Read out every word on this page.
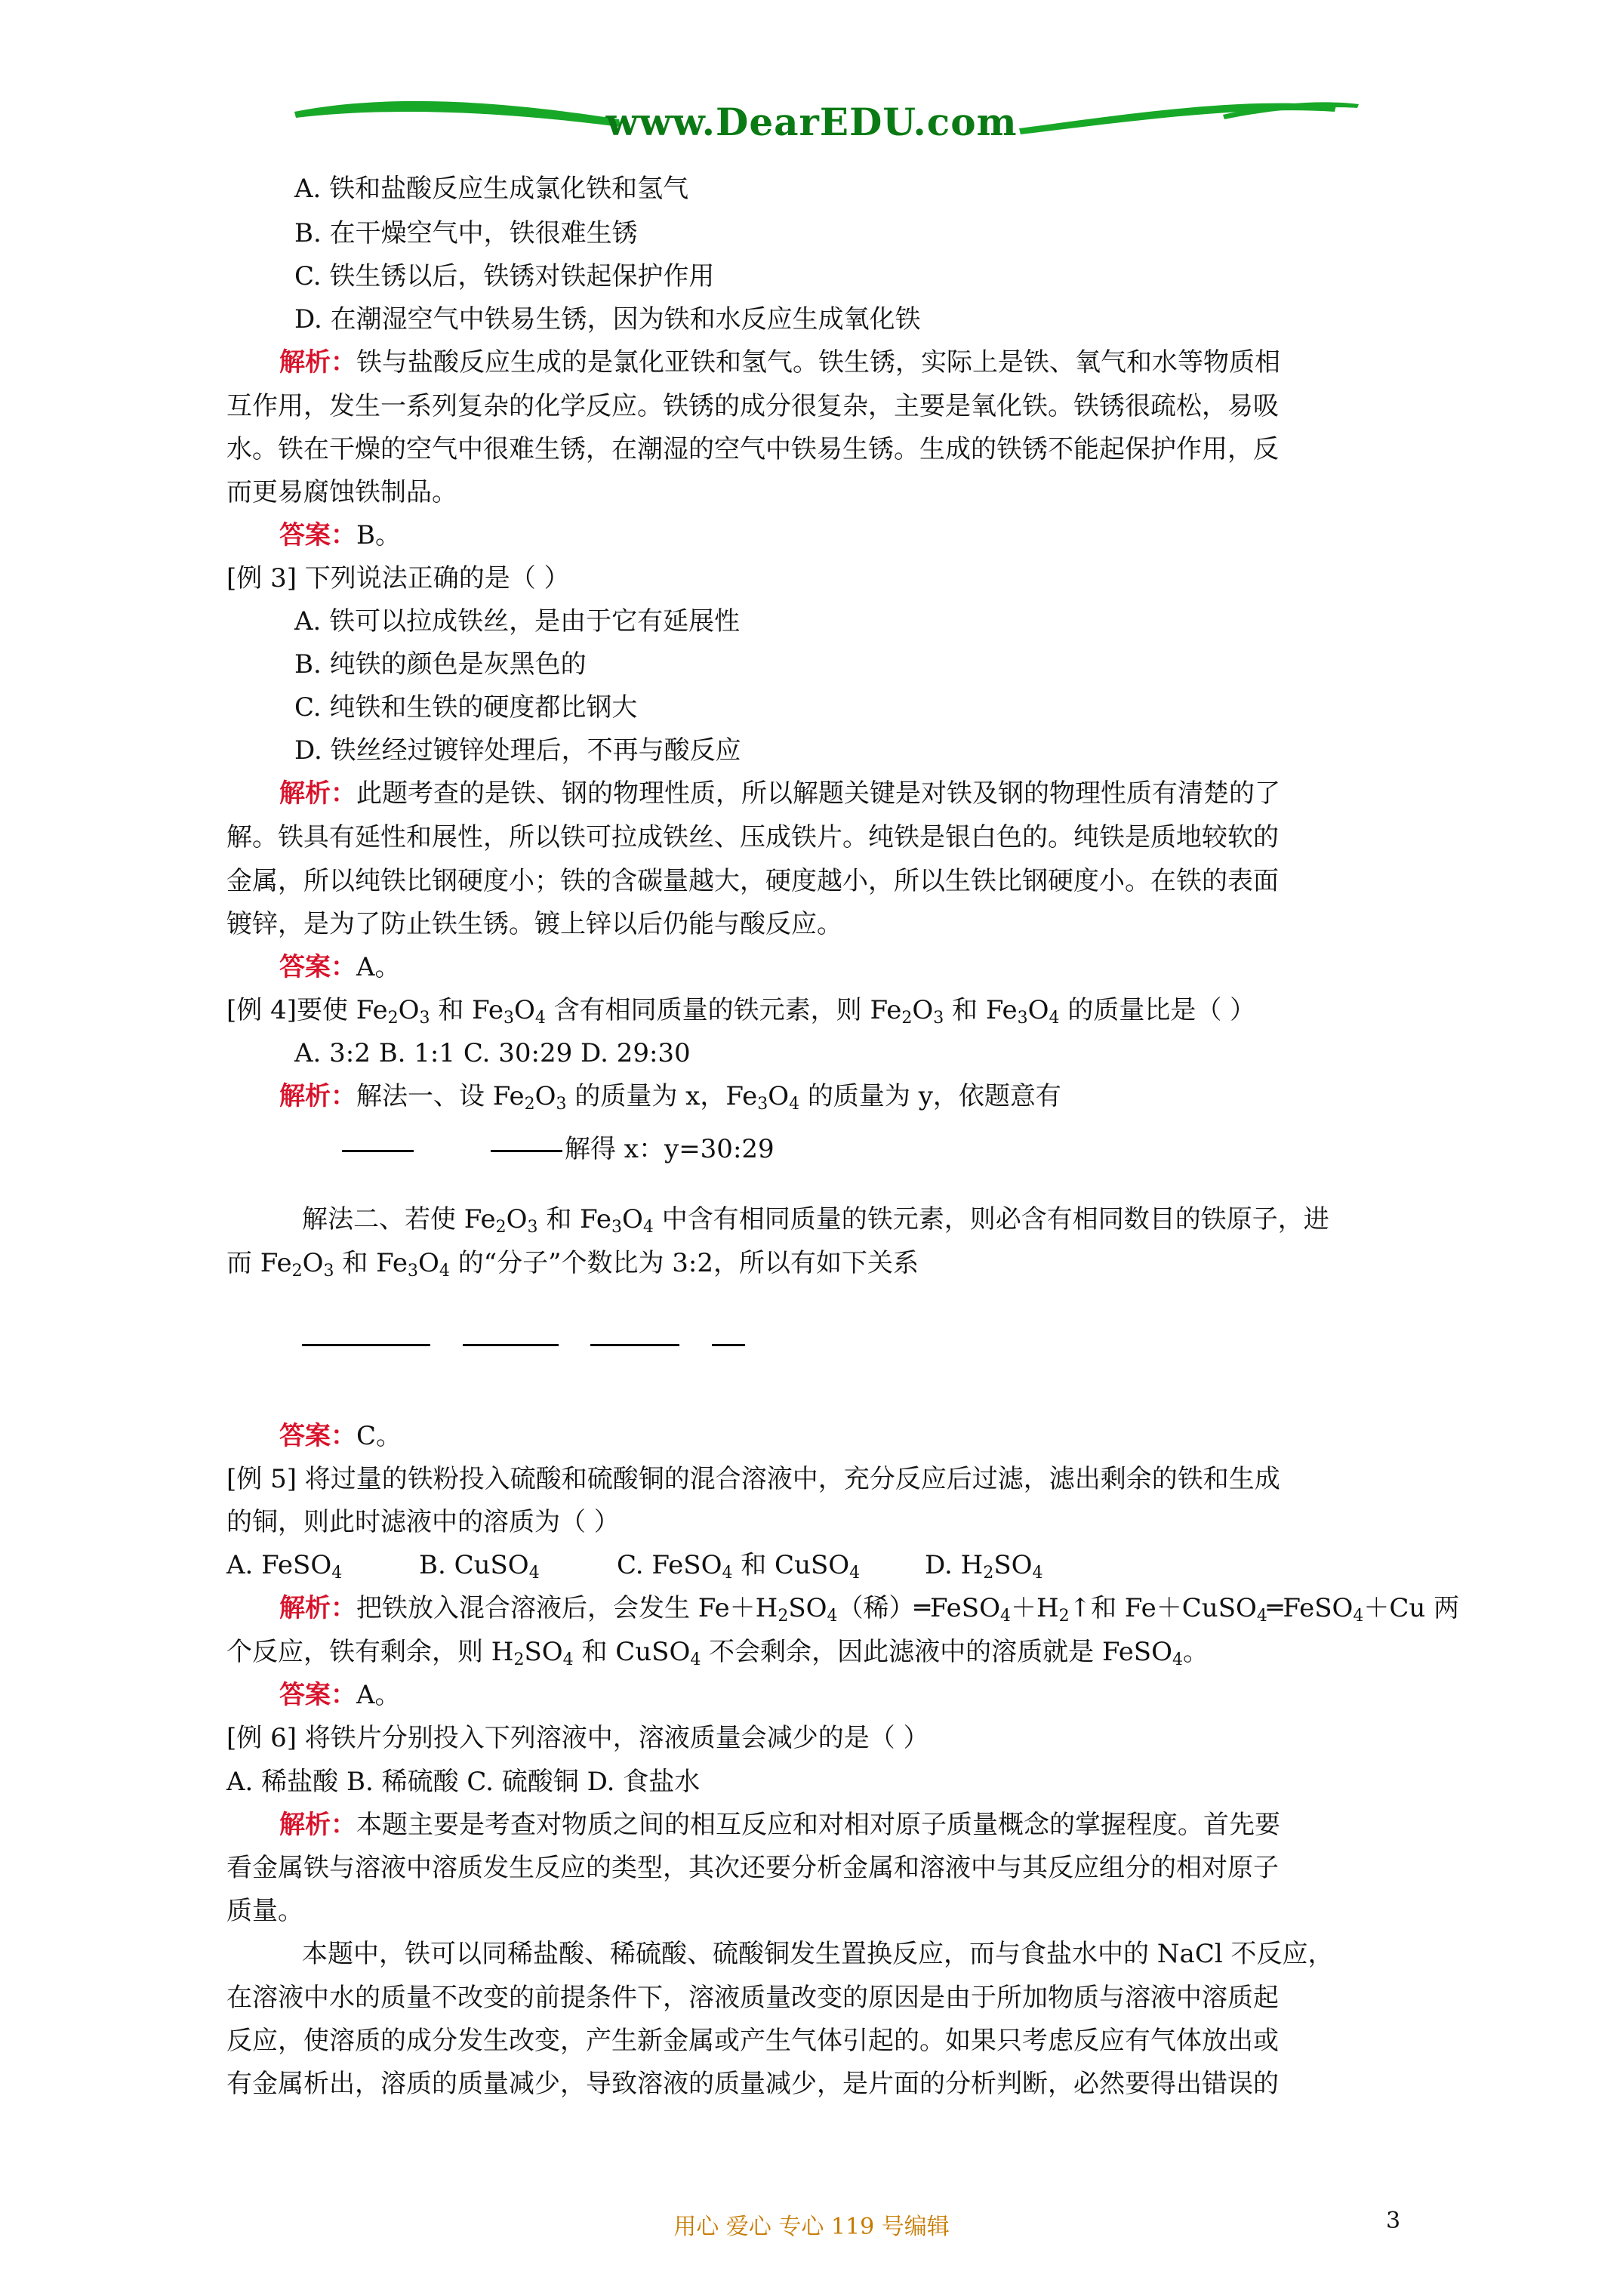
www.DearEDU.com
A. 铁和盐酸反应生成氯化铁和氢气
B. 在干燥空气中，铁很难生锈
C. 铁生锈以后，铁锈对铁起保护作用
D. 在潮湿空气中铁易生锈，因为铁和水反应生成氧化铁
解析：铁与盐酸反应生成的是氯化亚铁和氢气。铁生锈，实际上是铁、氧气和水等物质相
互作用，发生一系列复杂的化学反应。铁锈的成分很复杂，主要是氧化铁。铁锈很疏松，易吸
水。铁在干燥的空气中很难生锈，在潮湿的空气中铁易生锈。生成的铁锈不能起保护作用，反
而更易腐蚀铁制品。
答案：B。
[例 3] 下列说法正确的是（ ）
A. 铁可以拉成铁丝，是由于它有延展性
B. 纯铁的颜色是灰黑色的
C. 纯铁和生铁的硬度都比钢大
D. 铁丝经过镀锌处理后，不再与酸反应
解析：此题考查的是铁、钢的物理性质，所以解题关键是对铁及钢的物理性质有清楚的了
解。铁具有延性和展性，所以铁可拉成铁丝、压成铁片。纯铁是银白色的。纯铁是质地较软的
金属，所以纯铁比钢硬度小；铁的含碳量越大，硬度越小，所以生铁比钢硬度小。在铁的表面
镀锌，是为了防止铁生锈。镀上锌以后仍能与酸反应。
答案：A。
[例 4]要使 $Fe_2O_3$ 和 $Fe_3O_4$ 含有相同质量的铁元素，则 $Fe_2O_3$ 和 $Fe_3O_4$ 的质量比是（ ）
A. 3:2 B. 1:1 C. 30:29 D. 29:30
解析：解法一、设 $Fe_2O_3$ 的质量为 x，$Fe_3O_4$ 的质量为 y，依题意有
解得 x：y=30:29
解法二、若使 $Fe_2O_3$ 和 $Fe_3O_4$ 中含有相同质量的铁元素，则必含有相同数目的铁原子，进
而 $Fe_2O_3$ 和 $Fe_3O_4$ 的“分子”个数比为 3:2，所以有如下关系
答案：C。
[例 5] 将过量的铁粉投入硫酸和硫酸铜的混合溶液中，充分反应后过滤，滤出剩余的铁和生成
的铜，则此时滤液中的溶质为（ ）
A. FeSO$_4$	B. CuSO$_4$	C. FeSO$_4$ 和 CuSO$_4$	D. $H_2SO_4$
解析：把铁放入混合溶液后，会发生 $Fe+H_2SO_4$（稀）$═FeSO_4+H_2↑$和 Fe＋CuSO$_4$═FeSO$_4$＋Cu 两
个反应，铁有剩余，则 $H_2SO_4$ 和 CuSO$_4$ 不会剩余，因此滤液中的溶质就是 FeSO$_4$。
答案：A。
[例 6] 将铁片分别投入下列溶液中，溶液质量会减少的是（ ）
A. 稀盐酸 B. 稀硫酸 C. 硫酸铜 D. 食盐水
解析：本题主要是考查对物质之间的相互反应和对相对原子质量概念的掌握程度。首先要
看金属铁与溶液中溶质发生反应的类型，其次还要分析金属和溶液中与其反应组分的相对原子
质量。
本题中，铁可以同稀盐酸、稀硫酸、硫酸铜发生置换反应，而与食盐水中的 NaCl 不反应，
在溶液中水的质量不改变的前提条件下，溶液质量改变的原因是由于所加物质与溶液中溶质起
反应，使溶质的成分发生改变，产生新金属或产生气体引起的。如果只考虑反应有气体放出或
有金属析出，溶质的质量减少，导致溶液的质量减少，是片面的分析判断，必然要得出错误的
用心 爱心 专心 119 号编辑	3
